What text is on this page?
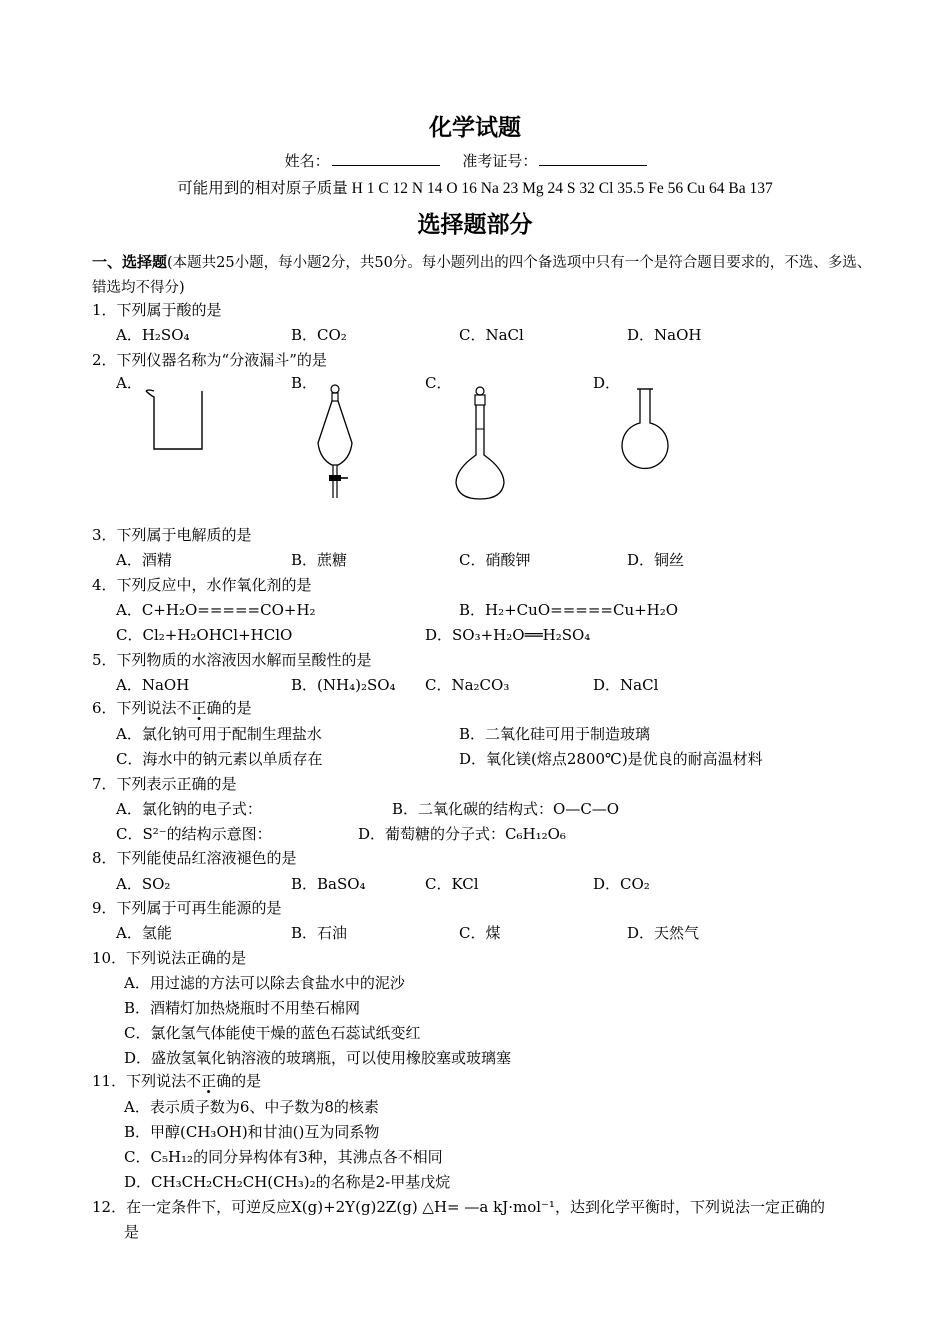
化学试题
姓名：	准考证号：
可能用到的相对原子质量 H 1 C 12 N 14 O 16 Na 23 Mg 24 S 32 Cl 35.5 Fe 56 Cu 64 Ba 137
选择题部分
一、选择题(本题共25小题，每小题2分，共50分。每小题列出的四个备选项中只有一个是符合题目要求的，不选、多选、错选均不得分)
1．下列属于酸的是
A．H₂SO₄	B．CO₂	C．NaCl	D．NaOH
2．下列仪器名称为“分液漏斗”的是
A．	B．	C．	D．
3．下列属于电解质的是
A．酒精	B．蔗糖	C．硝酸钾	D．铜丝
4．下列反应中，水作氧化剂的是
A．C+H₂O=====CO+H₂	B．H₂+CuO=====Cu+H₂O
C．Cl₂+H₂OHCl+HClO	D．SO₃+H₂O══H₂SO₄
5．下列物质的水溶液因水解而呈酸性的是
A．NaOH	B．(NH₄)₂SO₄ C．Na₂CO₃	D．NaCl
6．下列说法不正确的是
A．氯化钠可用于配制生理盐水	B．二氧化硅可用于制造玻璃
C．海水中的钠元素以单质存在	D．氧化镁(熔点2800℃)是优良的耐高温材料
7．下列表示正确的是
A．氯化钠的电子式：	B．二氧化碳的结构式：O—C—O
C．S²⁻的结构示意图：	D．葡萄糖的分子式：C₆H₁₂O₆
8．下列能使品红溶液褪色的是
A．SO₂	B．BaSO₄	C．KCl	D．CO₂
9．下列属于可再生能源的是
A．氢能	B．石油	C．煤	D．天然气
10．下列说法正确的是
A．用过滤的方法可以除去食盐水中的泥沙
B．酒精灯加热烧瓶时不用垫石棉网
C．氯化氢气体能使干燥的蓝色石蕊试纸变红
D．盛放氢氧化钠溶液的玻璃瓶，可以使用橡胶塞或玻璃塞
11．下列说法不正确的是
A．表示质子数为6、中子数为8的核素
B．甲醇(CH₃OH)和甘油()互为同系物
C．C₅H₁₂的同分异构体有3种，其沸点各不相同
D．CH₃CH₂CH₂CH(CH₃)₂的名称是2-甲基戊烷
12．在一定条件下，可逆反应X(g)+2Y(g)2Z(g) △H= —a kJ·mol⁻¹，达到化学平衡时，下列说法一定正确的
是
